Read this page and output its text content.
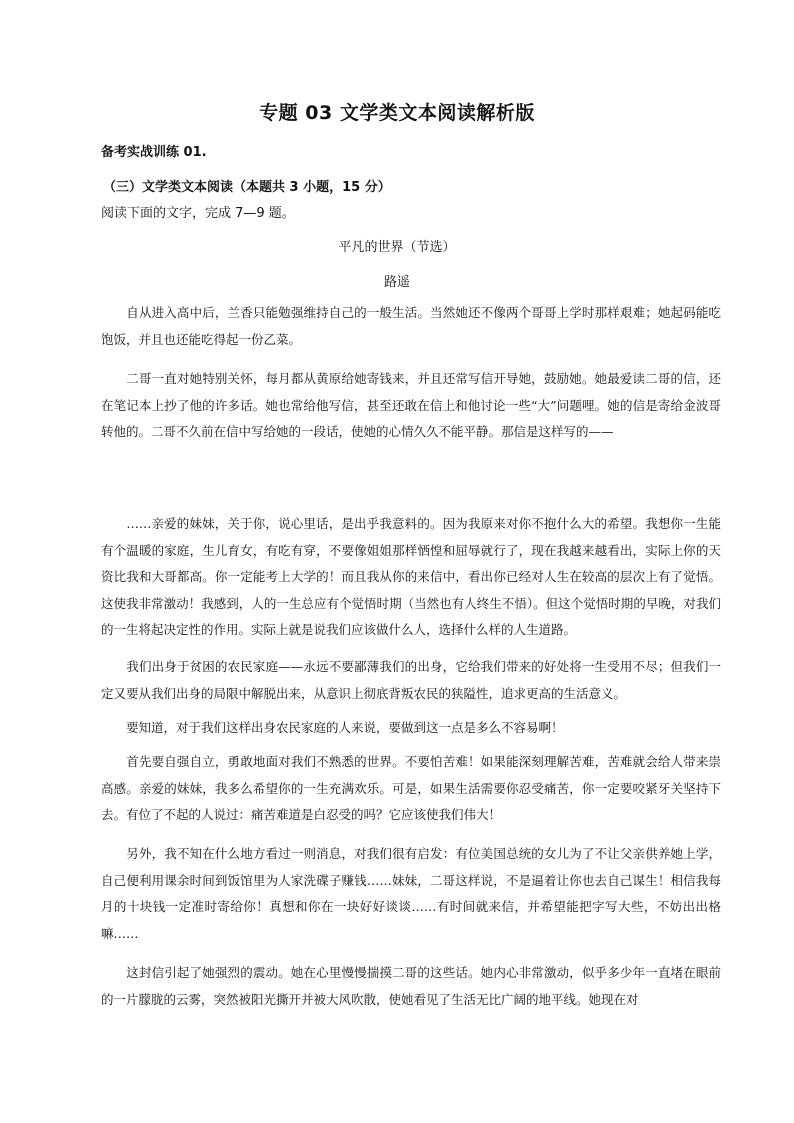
专题 03 文学类文本阅读解析版

备考实战训练 01.

（三）文学类文本阅读（本题共 3 小题，15 分）

阅读下面的文字，完成 7—9 题。

平凡的世界（节选）

路遥

　　自从进入高中后，兰香只能勉强维持自己的一般生活。当然她还不像两个哥哥上学时那样艰难；她起码能吃饱饭，并且也还能吃得起一份乙菜。

　　二哥一直对她特别关怀，每月都从黄原给她寄钱来，并且还常写信开导她，鼓励她。她最爱读二哥的信，还在笔记本上抄了他的许多话。她也常给他写信，甚至还敢在信上和他讨论一些“大”问题哩。她的信是寄给金波哥转他的。二哥不久前在信中写给她的一段话，使她的心情久久不能平静。那信是这样写的——

　　……亲爱的妹妹，关于你，说心里话，是出乎我意料的。因为我原来对你不抱什么大的希望。我想你一生能有个温暖的家庭，生儿育女，有吃有穿，不要像姐姐那样恓惶和屈辱就行了，现在我越来越看出，实际上你的天资比我和大哥都高。你一定能考上大学的！而且我从你的来信中，看出你已经对人生在较高的层次上有了觉悟。这使我非常激动！我感到，人的一生总应有个觉悟时期（当然也有人终生不悟）。但这个觉悟时期的早晚，对我们的一生将起决定性的作用。实际上就是说我们应该做什么人，选择什么样的人生道路。

　　我们出身于贫困的农民家庭——永远不要鄙薄我们的出身，它给我们带来的好处将一生受用不尽；但我们一定又要从我们出身的局限中解脱出来，从意识上彻底背叛农民的狭隘性，追求更高的生活意义。

　　要知道，对于我们这样出身农民家庭的人来说，要做到这一点是多么不容易啊！

　　首先要自强自立，勇敢地面对我们不熟悉的世界。不要怕苦难！如果能深刻理解苦难，苦难就会给人带来崇高感。亲爱的妹妹，我多么希望你的一生充满欢乐。可是，如果生活需要你忍受痛苦，你一定要咬紧牙关坚持下去。有位了不起的人说过：痛苦难道是白忍受的吗？它应该使我们伟大！

　　另外，我不知在什么地方看过一则消息，对我们很有启发：有位美国总统的女儿为了不让父亲供养她上学，自己便利用课余时间到饭馆里为人家洗碟子赚钱……妹妹，二哥这样说，不是逼着让你也去自己谋生！相信我每月的十块钱一定准时寄给你！真想和你在一块好好谈谈……有时间就来信，并希望能把字写大些，不妨出出格嘛……

　　这封信引起了她强烈的震动。她在心里慢慢揣摸二哥的这些话。她内心非常激动，似乎多少年一直堵在眼前的一片朦胧的云雾，突然被阳光撕开并被大风吹散，使她看见了生活无比广阔的地平线。她现在对
